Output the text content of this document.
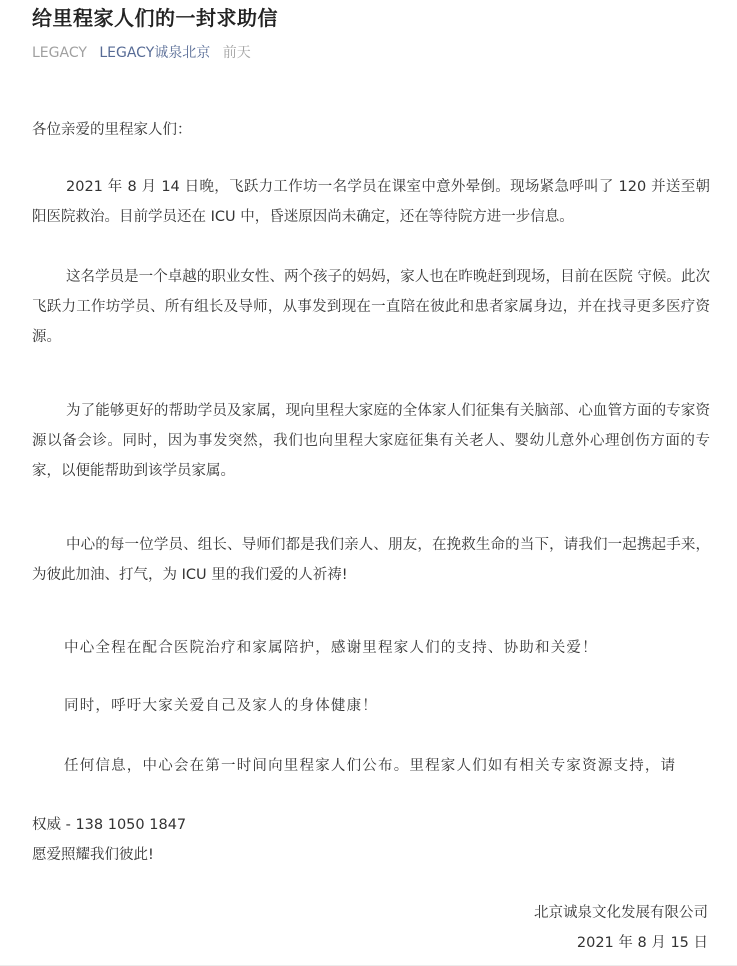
给里程家人们的一封求助信
LEGACY LEGACY诚泉北京 前天

各位亲爱的里程家人们：

2021 年 8 月 14 日晚，飞跃力工作坊一名学员在课室中意外晕倒。现场紧急呼叫了 120 并送至朝阳医院救治。目前学员还在 ICU 中，昏迷原因尚未确定，还在等待院方进一步信息。

这名学员是一个卓越的职业女性、两个孩子的妈妈，家人也在昨晚赶到现场，目前在医院 守候。此次飞跃力工作坊学员、所有组长及导师，从事发到现在一直陪在彼此和患者家属身边，并在找寻更多医疗资源。

为了能够更好的帮助学员及家属，现向里程大家庭的全体家人们征集有关脑部、心血管方面的专家资源以备会诊。同时，因为事发突然，我们也向里程大家庭征集有关老人、婴幼儿意外心理创伤方面的专家，以便能帮助到该学员家属。

中心的每一位学员、组长、导师们都是我们亲人、朋友，在挽救生命的当下，请我们一起携起手来，为彼此加油、打气，为 ICU 里的我们爱的人祈祷!

中心全程在配合医院治疗和家属陪护，感谢里程家人们的支持、协助和关爱！

同时，呼吁大家关爱自己及家人的身体健康！

任何信息，中心会在第一时间向里程家人们公布。里程家人们如有相关专家资源支持，请

权威 - 138 1050 1847

愿爱照耀我们彼此!

北京诚泉文化发展有限公司

2021 年 8 月 15 日
